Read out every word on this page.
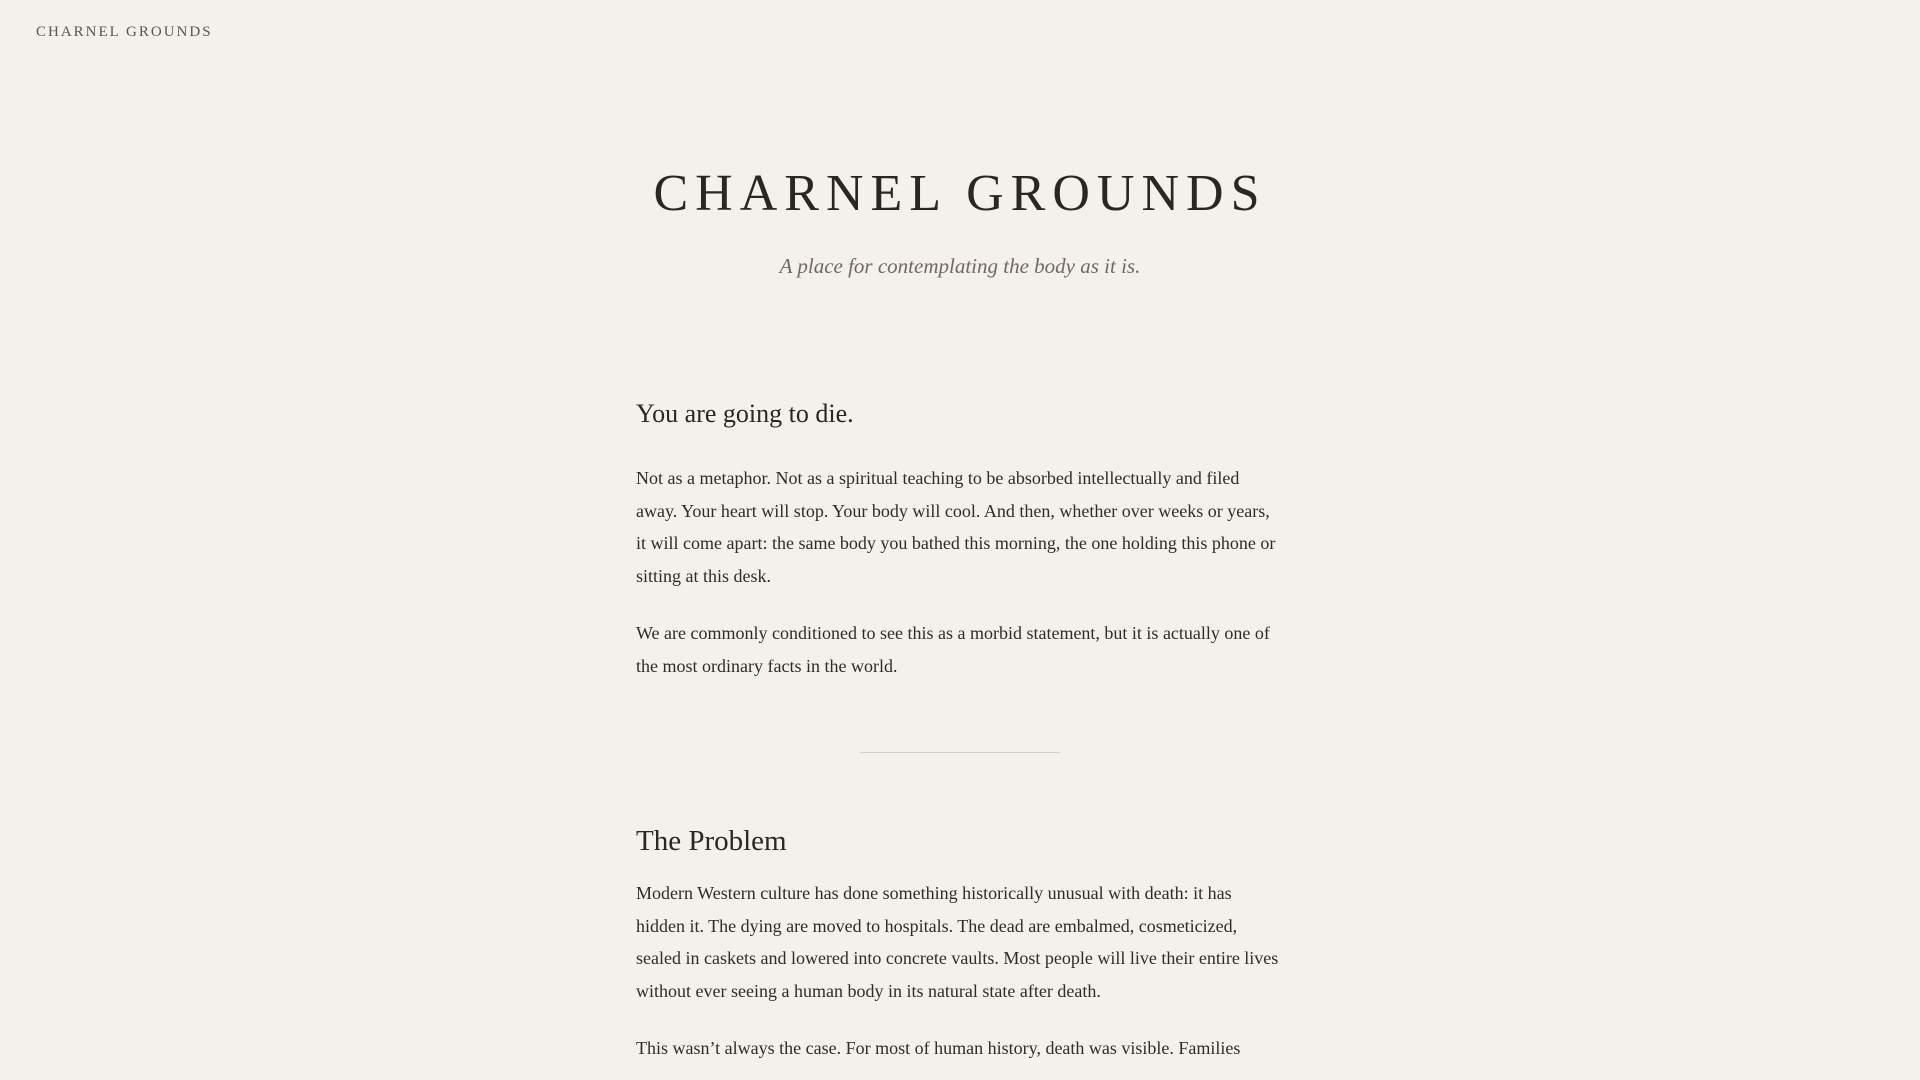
CHARNEL GROUNDS
CHARNEL GROUNDS

A place for contemplating the body as it is.

You are going to die.

Not as a metaphor. Not as a spiritual teaching to be absorbed intellectually and filed away. Your heart will stop. Your body will cool. And then, whether over weeks or years, it will come apart: the same body you bathed this morning, the one holding this phone or sitting at this desk.

We are commonly conditioned to see this as a morbid statement, but it is actually one of the most ordinary facts in the world.

The Problem

Modern Western culture has done something historically unusual with death: it has hidden it. The dying are moved to hospitals. The dead are embalmed, cosmeticized, sealed in caskets and lowered into concrete vaults. Most people will live their entire lives without ever seeing a human body in its natural state after death.

This wasn’t always the case. For most of human history, death was visible. Families
